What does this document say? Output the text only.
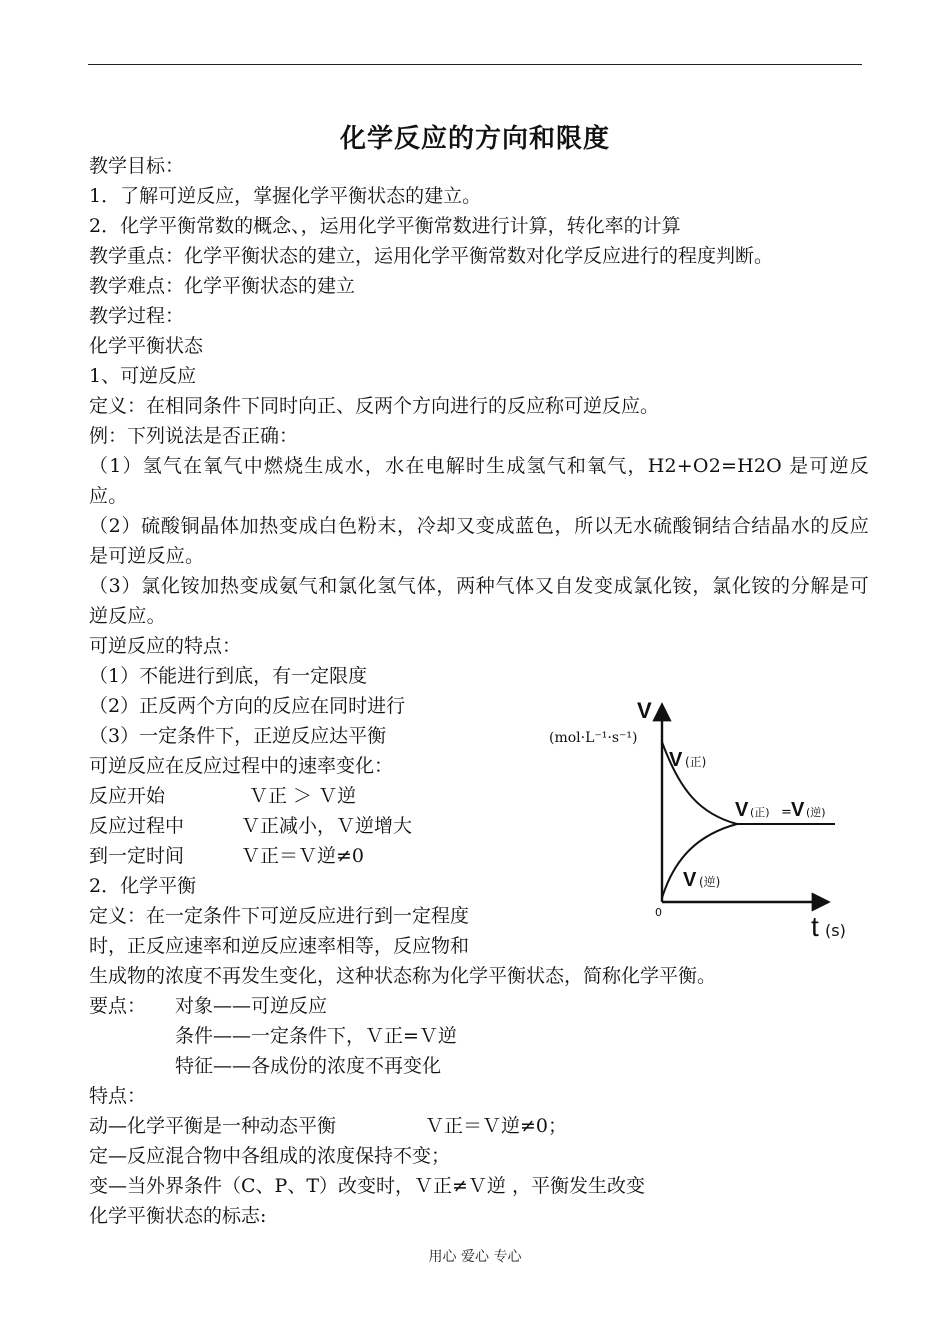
化学反应的方向和限度
教学目标：
1．了解可逆反应，掌握化学平衡状态的建立。
2．化学平衡常数的概念、，运用化学平衡常数进行计算，转化率的计算
教学重点：化学平衡状态的建立，运用化学平衡常数对化学反应进行的程度判断。
教学难点：化学平衡状态的建立
教学过程：
化学平衡状态
1、可逆反应
定义：在相同条件下同时向正、反两个方向进行的反应称可逆反应。
例：下列说法是否正确：
（1）氢气在氧气中燃烧生成水，水在电解时生成氢气和氧气，H2+O2=H2O 是可逆反应。
（2）硫酸铜晶体加热变成白色粉末，冷却又变成蓝色，所以无水硫酸铜结合结晶水的反应是可逆反应。
（3）氯化铵加热变成氨气和氯化氢气体，两种气体又自发变成氯化铵，氯化铵的分解是可逆反应。
可逆反应的特点：
（1）不能进行到底，有一定限度
（2）正反两个方向的反应在同时进行
（3）一定条件下，正逆反应达平衡
可逆反应在反应过程中的速率变化：
反应开始	Ｖ正 ＞ Ｖ逆
反应过程中	Ｖ正减小，Ｖ逆增大
到一定时间	Ｖ正＝Ｖ逆≠0
2．化学平衡
定义：在一定条件下可逆反应进行到一定程度
时，正反应速率和逆反应速率相等，反应物和
生成物的浓度不再发生变化，这种状态称为化学平衡状态，简称化学平衡。
要点： 对象——可逆反应
条件——一定条件下，Ｖ正=Ｖ逆
特征——各成份的浓度不再变化
特点：
动—化学平衡是一种动态平衡	Ｖ正＝Ｖ逆≠0；
定—反应混合物中各组成的浓度保持不变；
变—当外界条件（C、P、T）改变时，Ｖ正≠Ｖ逆 ，平衡发生改变
化学平衡状态的标志:
V
(mol·L⁻¹·s⁻¹)
t (s)
0
V (正)
V (逆)
V (正) = V (逆)
用心 爱心 专心
